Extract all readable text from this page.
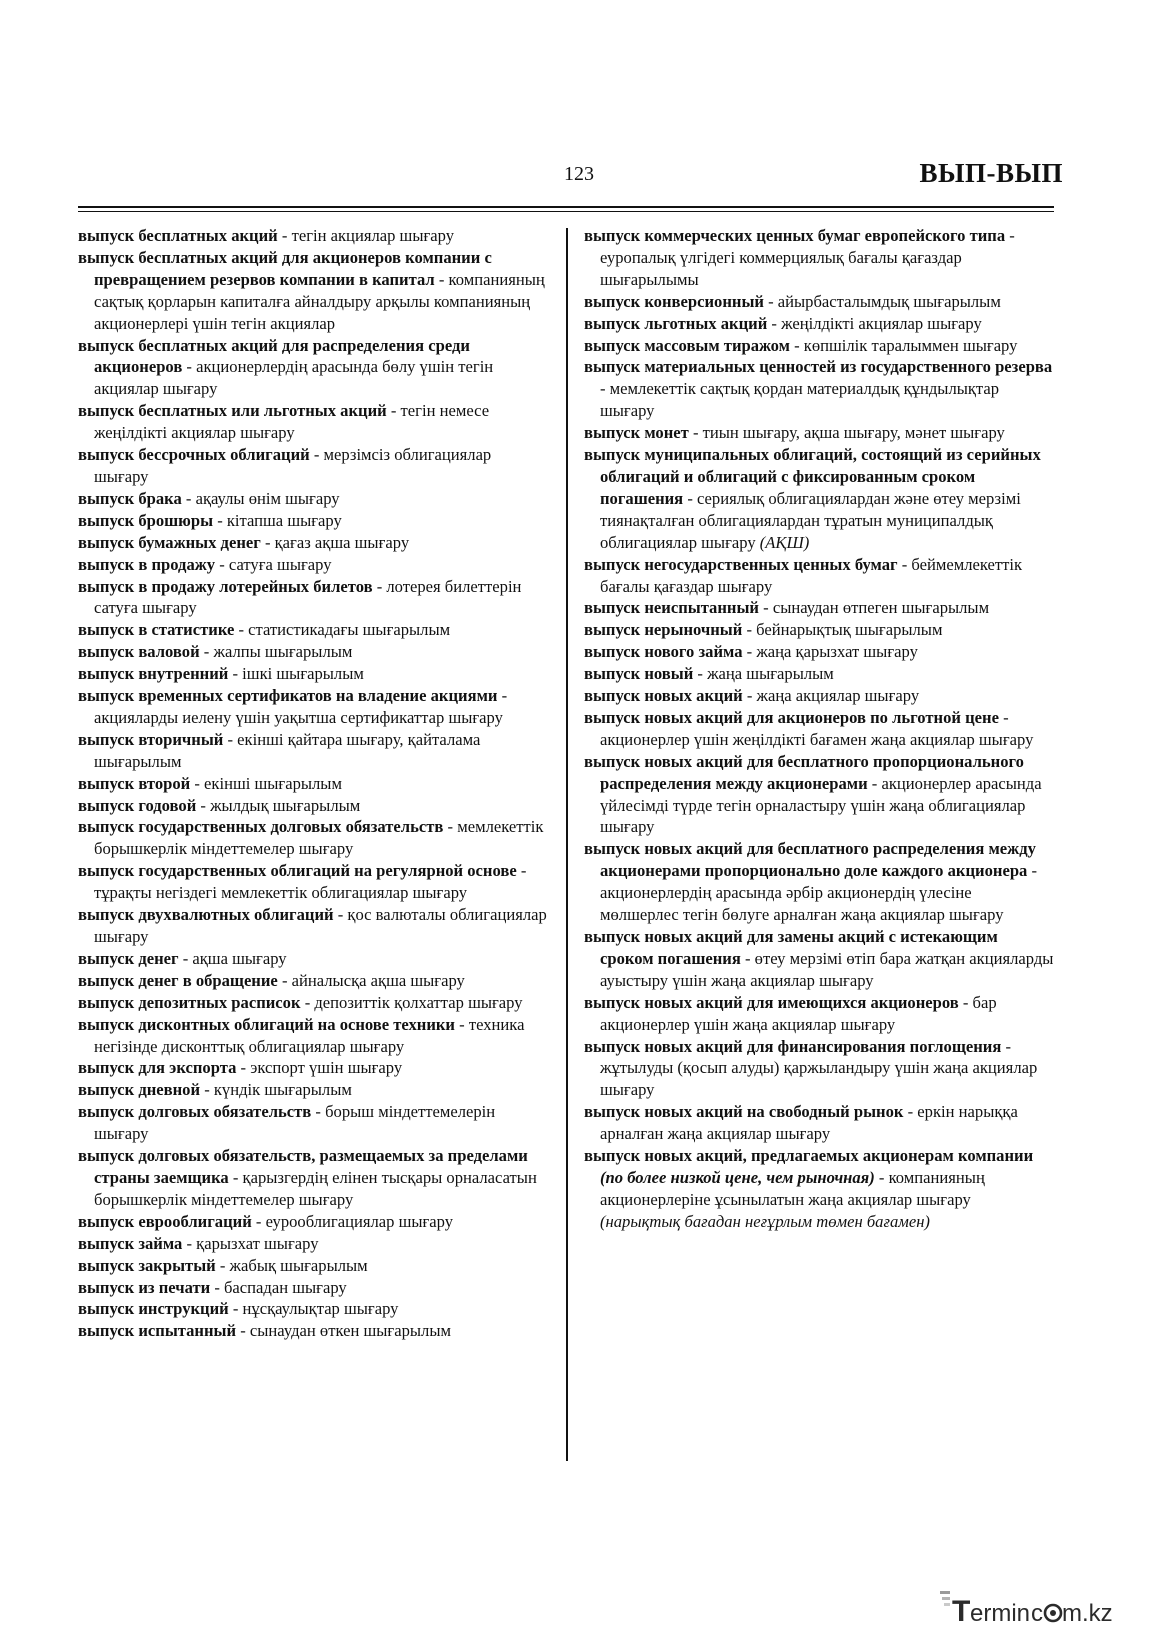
123	ВЫП-ВЫП

выпуск бесплатных акций - тегін акциялар шығару

выпуск бесплатных акций для акционеров компании с превращением резервов компании в капитал - компанияның сақтық қорларын капиталға айналдыру арқылы компанияның акционерлері үшін тегін акциялар

выпуск бесплатных акций для распределения среди акционеров - акционерлердің арасында бөлу үшін тегін акциялар шығару

выпуск бесплатных или льготных акций - тегін немесе жеңілдікті акциялар шығару

выпуск бессрочных облигаций - мерзімсіз облигациялар шығару

выпуск брака - ақаулы өнім шығару

выпуск брошюры - кітапша шығару

выпуск бумажных денег - қағаз ақша шығару

выпуск в продажу - сатуға шығару

выпуск в продажу лотерейных билетов - лотерея билеттерін сатуға шығару

выпуск в статистике - статистикадағы шығарылым

выпуск валовой - жалпы шығарылым

выпуск внутренний - ішкі шығарылым

выпуск временных сертификатов на владение акциями - акцияларды иелену үшін уақытша сертификаттар шығару

выпуск вторичный - екінші қайтара шығару, қайталама шығарылым

выпуск второй - екінші шығарылым

выпуск годовой - жылдық шығарылым

выпуск государственных долговых обязательств - мемлекеттік борышкерлік міндеттемелер шығару

выпуск государственных облигаций на регулярной основе - тұрақты негіздегі мемлекеттік облигациялар шығару

выпуск двухвалютных облигаций - қос валюталы облигациялар шығару

выпуск денег - ақша шығару

выпуск денег в обращение - айналысқа ақша шығару

выпуск депозитных расписок - депозиттік қолхаттар шығару

выпуск дисконтных облигаций на основе техники - техника негізінде дисконттық облигациялар шығару

выпуск для экспорта - экспорт үшін шығару

выпуск дневной - күндік шығарылым

выпуск долговых обязательств - борыш міндеттемелерін шығару

выпуск долговых обязательств, размещаемых за пределами страны заемщика - қарызгердің елінен тысқары орналасатын борышкерлік міндеттемелер шығару

выпуск еврооблигаций - еурооблигациялар шығару

выпуск займа - қарызхат шығару

выпуск закрытый - жабық шығарылым

выпуск из печати - баспадан шығару

выпуск инструкций - нұсқаулықтар шығару

выпуск испытанный - сынаудан өткен шығарылым

выпуск коммерческих ценных бумаг европейского типа - еуропалық үлгідегі коммерциялық бағалы қағаздар шығарылымы

выпуск конверсионный - айырбасталымдық шығарылым

выпуск льготных акций - жеңілдікті акциялар шығару

выпуск массовым тиражом - көпшілік таралыммен шығару

выпуск материальных ценностей из государственного резерва - мемлекеттік сақтық қордан материалдық құндылықтар шығару

выпуск монет - тиын шығару, ақша шығару, мәнет шығару

выпуск муниципальных облигаций, состоящий из серийных облигаций и облигаций с фиксированным сроком погашения - сериялық облигациялардан және өтеу мерзімі тиянақталған облигациялардан тұратын муниципалдық облигациялар шығару (АҚШ)

выпуск негосударственных ценных бумаг - беймемлекеттік бағалы қағаздар шығару

выпуск неиспытанный - сынаудан өтпеген шығарылым

выпуск нерыночный - бейнарықтық шығарылым

выпуск нового займа - жаңа қарызхат шығару

выпуск новый - жаңа шығарылым

выпуск новых акций - жаңа акциялар шығару

выпуск новых акций для акционеров по льготной цене - акционерлер үшін жеңілдікті бағамен жаңа акциялар шығару

выпуск новых акций для бесплатного пропорционального распределения между акционерами - акционерлер арасында үйлесімді түрде тегін орналастыру үшін жаңа облигациялар шығару

выпуск новых акций для бесплатного распределения между акционерами пропорционально доле каждого акционера - акционерлердің арасында әрбір акционердің үлесіне мөлшерлес тегін бөлуге арналған жаңа акциялар шығару

выпуск новых акций для замены акций с истекающим сроком погашения - өтеу мерзімі өтіп бара жатқан акцияларды ауыстыру үшін жаңа акциялар шығару

выпуск новых акций для имеющихся акционеров - бар акционерлер үшін жаңа акциялар шығару

выпуск новых акций для финансирования поглощения - жұтылуды (қосып алуды) қаржыландыру үшін жаңа акциялар шығару

выпуск новых акций на свободный рынок - еркін нарыққа арналған жаңа акциялар шығару

выпуск новых акций, предлагаемых акционерам компании (по более низкой цене, чем рыночная) - компанияның акционерлеріне ұсынылатын жаңа акциялар шығару (нарықтық бағадан неғұрлым төмен бағамен)

T ermin c m.kz
